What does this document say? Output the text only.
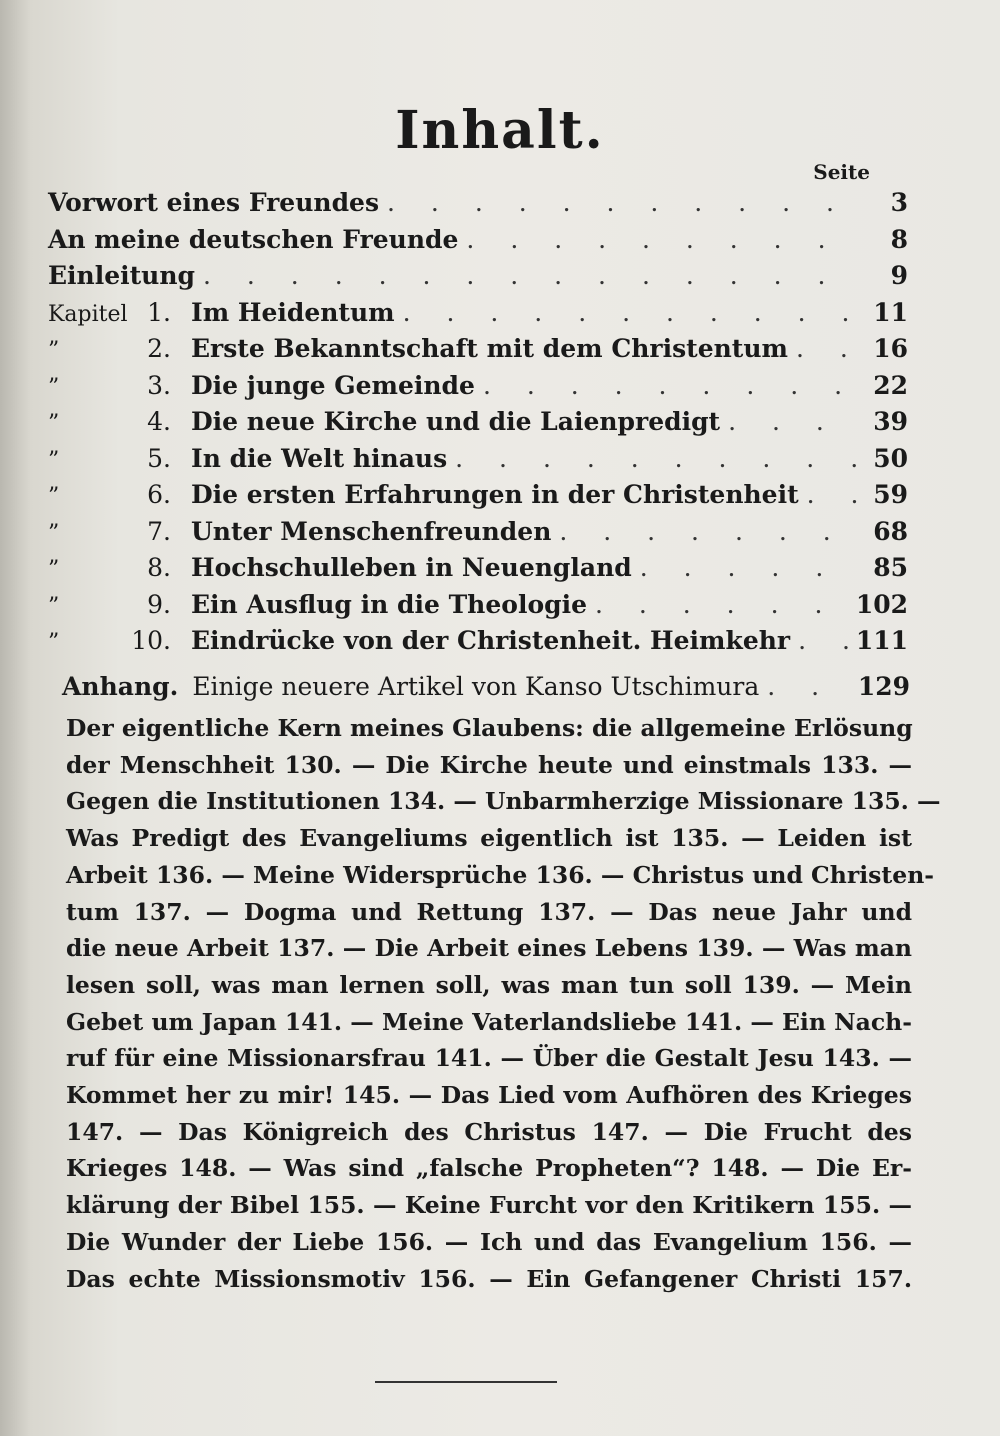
Inhalt.
Seite
Vorwort eines Freundes . . .	3
An meine deutschen Freunde . . .	8
Einleitung . . .	9
Kapitel 1. Im Heidentum . . .	11
”	2. Erste Bekanntschaft mit dem Christentum . . .	16
”	3. Die junge Gemeinde . . .	22
”	4. Die neue Kirche und die Laienpredigt . . .	39
”	5. In die Welt hinaus . . .	50
”	6. Die ersten Erfahrungen in der Christenheit . . .	59
”	7. Unter Menschenfreunden . . .	68
”	8. Hochschulleben in Neuengland . . .	85
”	9. Ein Ausflug in die Theologie . . .	102
”	10. Eindrücke von der Christenheit. Heimkehr . . .	111
Anhang. Einige neuere Artikel von Kanso Utschimura . . .	129
Der eigentliche Kern meines Glaubens: die allgemeine Erlösung
der Menschheit 130. — Die Kirche heute und einstmals 133. —
Gegen die Institutionen 134. — Unbarmherzige Missionare 135. —
Was Predigt des Evangeliums eigentlich ist 135. — Leiden ist
Arbeit 136. — Meine Widersprüche 136. — Christus und Christen-
tum 137. — Dogma und Rettung 137. — Das neue Jahr und
die neue Arbeit 137. — Die Arbeit eines Lebens 139. — Was man
lesen soll, was man lernen soll, was man tun soll 139. — Mein
Gebet um Japan 141. — Meine Vaterlandsliebe 141. — Ein Nach-
ruf für eine Missionarsfrau 141. — Über die Gestalt Jesu 143. —
Kommet her zu mir! 145. — Das Lied vom Aufhören des Krieges
147. — Das Königreich des Christus 147. — Die Frucht des
Krieges 148. — Was sind „falsche Propheten“? 148. — Die Er-
klärung der Bibel 155. — Keine Furcht vor den Kritikern 155. —
Die Wunder der Liebe 156. — Ich und das Evangelium 156. —
Das echte Missionsmotiv 156. — Ein Gefangener Christi 157.
